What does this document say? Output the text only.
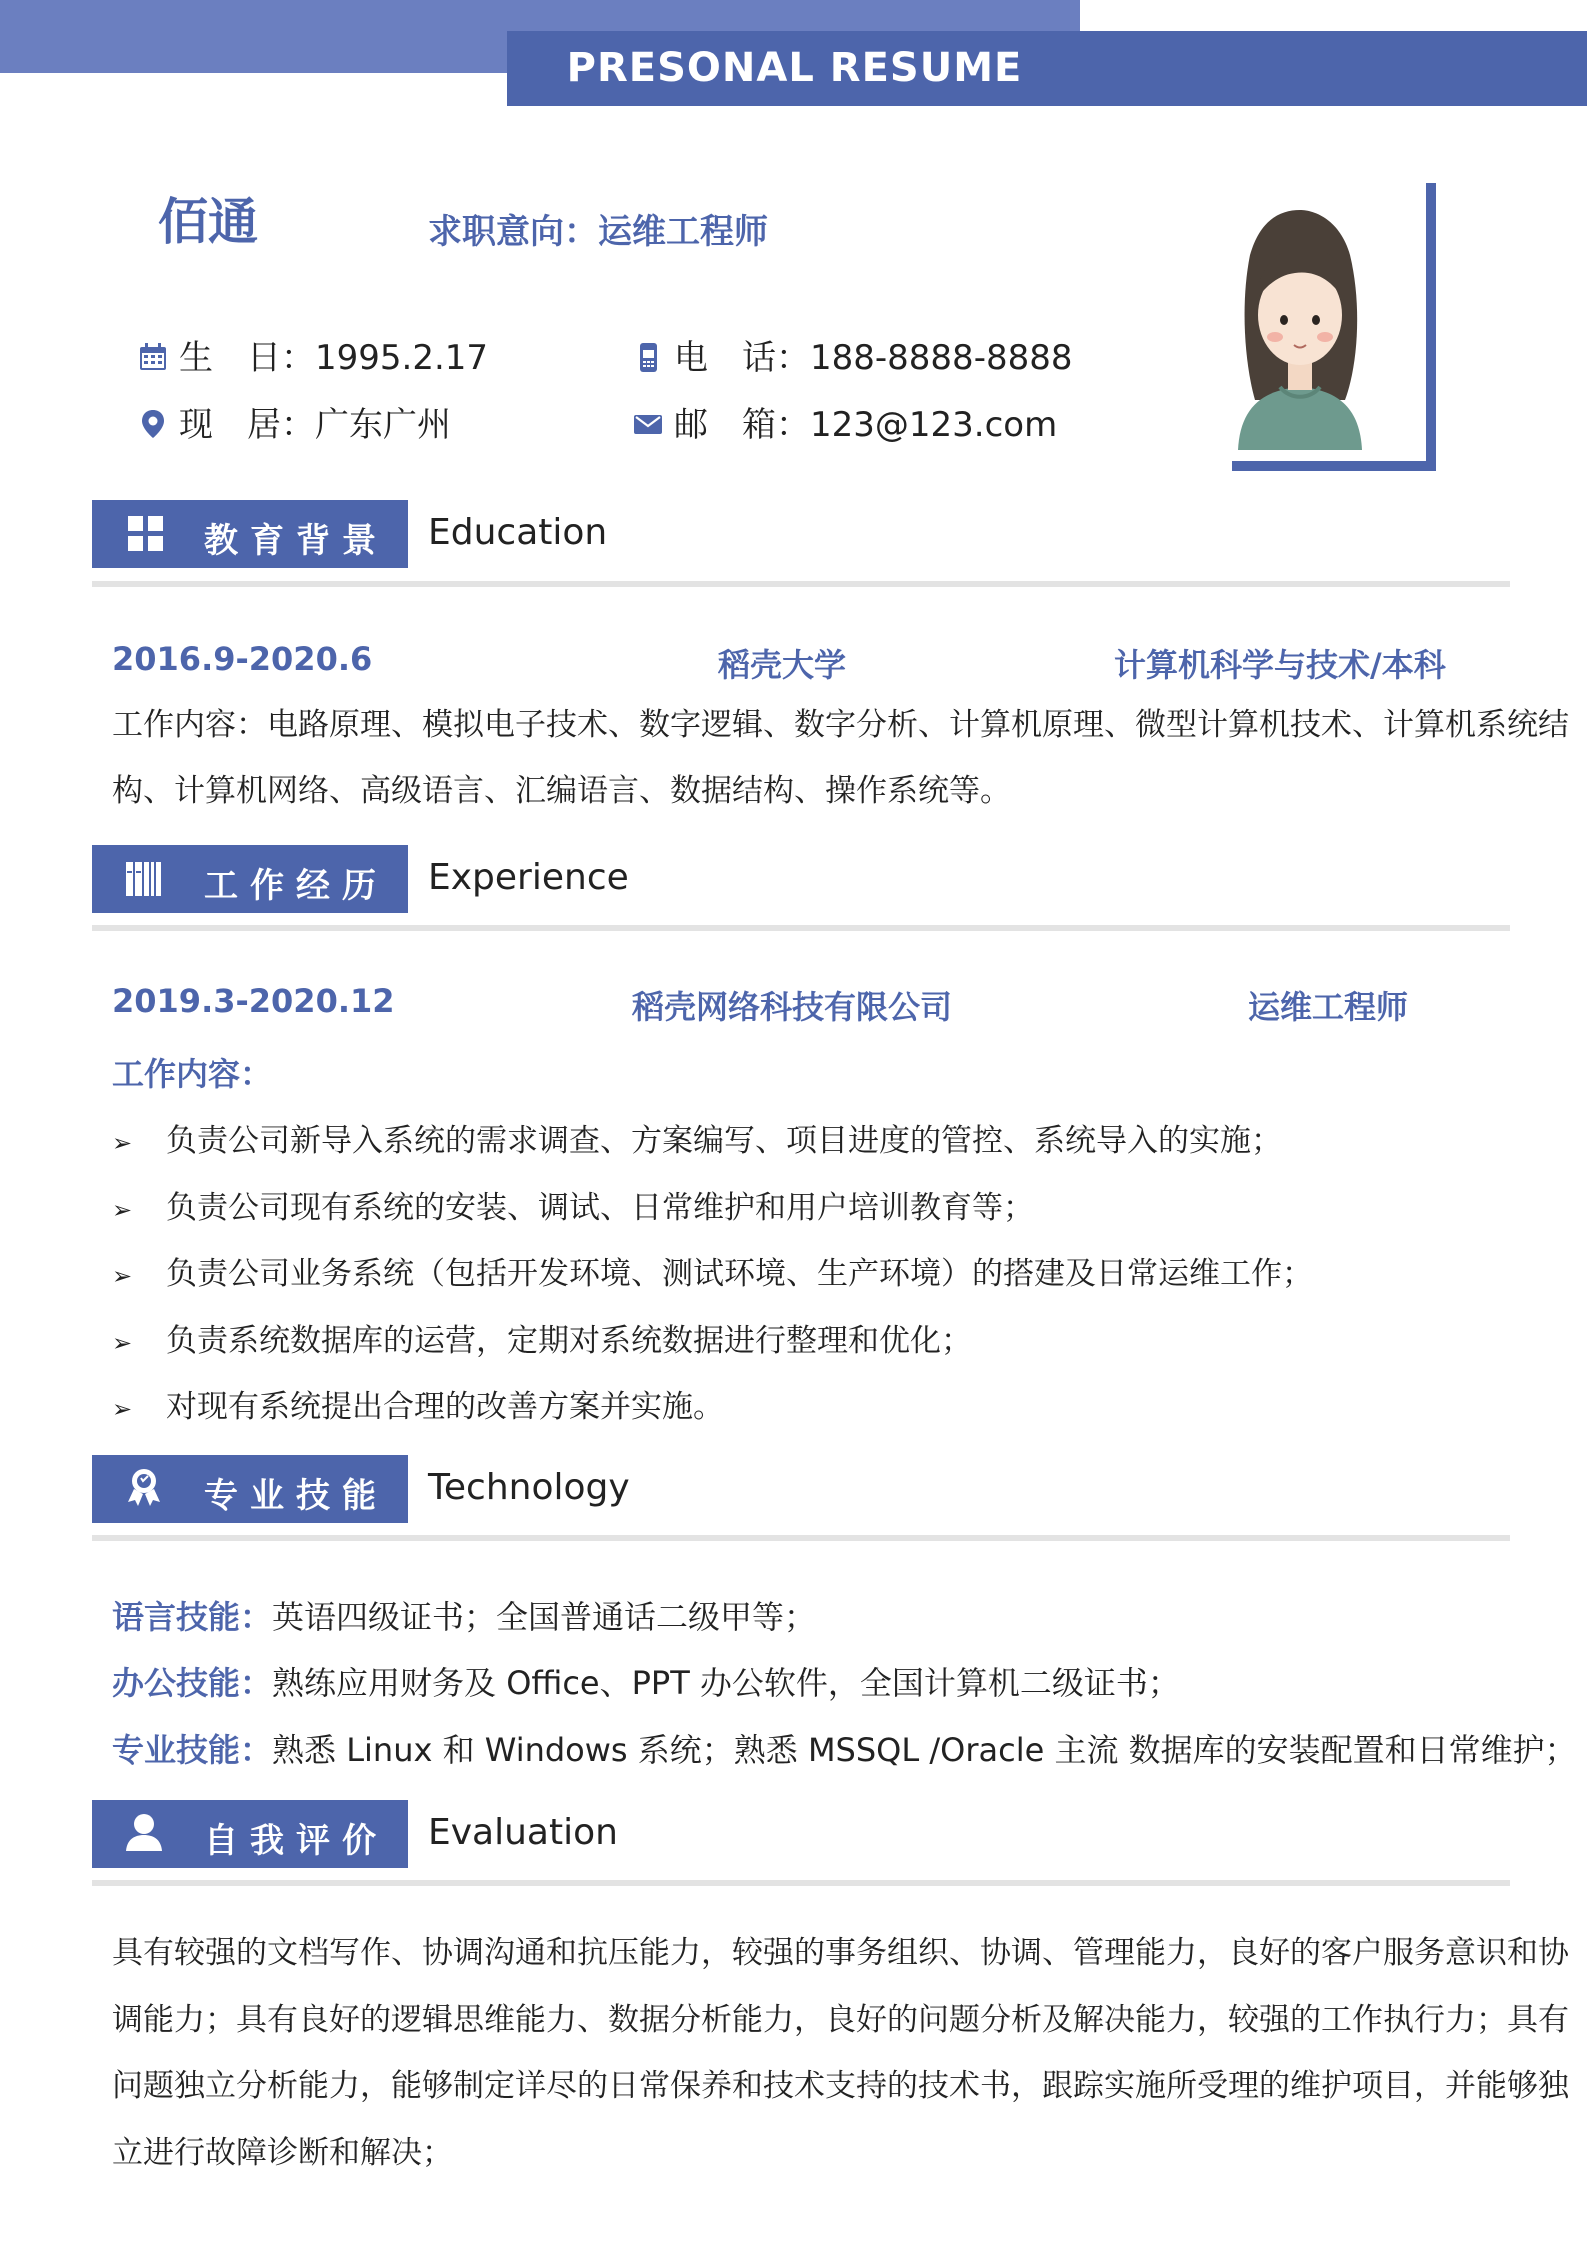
PRESONAL RESUME
佰通	求职意向：运维工程师
生　日：1995.2.17
现　居：广东广州
电　话：188-8888-8888
邮　箱：123@123.com
教育背景 Education
2016.9-2020.6	稻壳大学	计算机科学与技术/本科
工作内容：电路原理、模拟电子技术、数字逻辑、数字分析、计算机原理、微型计算机技术、计算机系统结
构、计算机网络、高级语言、汇编语言、数据结构、操作系统等。
工作经历 Experience
2019.3-2020.12	稻壳网络科技有限公司	运维工程师
工作内容：
➢ 负责公司新导入系统的需求调查、方案编写、项目进度的管控、系统导入的实施；
➢ 负责公司现有系统的安装、调试、日常维护和用户培训教育等；
➢ 负责公司业务系统（包括开发环境、测试环境、生产环境）的搭建及日常运维工作；
➢ 负责系统数据库的运营，定期对系统数据进行整理和优化；
➢ 对现有系统提出合理的改善方案并实施。
专业技能 Technology
语言技能：英语四级证书；全国普通话二级甲等；
办公技能：熟练应用财务及 Office、PPT 办公软件，全国计算机二级证书；
专业技能：熟悉 Linux 和 Windows 系统；熟悉 MSSQL /Oracle 主流 数据库的安装配置和日常维护；
自我评价 Evaluation
具有较强的文档写作、协调沟通和抗压能力，较强的事务组织、协调、管理能力，良好的客户服务意识和协
调能力；具有良好的逻辑思维能力、数据分析能力，良好的问题分析及解决能力，较强的工作执行力；具有
问题独立分析能力，能够制定详尽的日常保养和技术支持的技术书，跟踪实施所受理的维护项目，并能够独
立进行故障诊断和解决；
